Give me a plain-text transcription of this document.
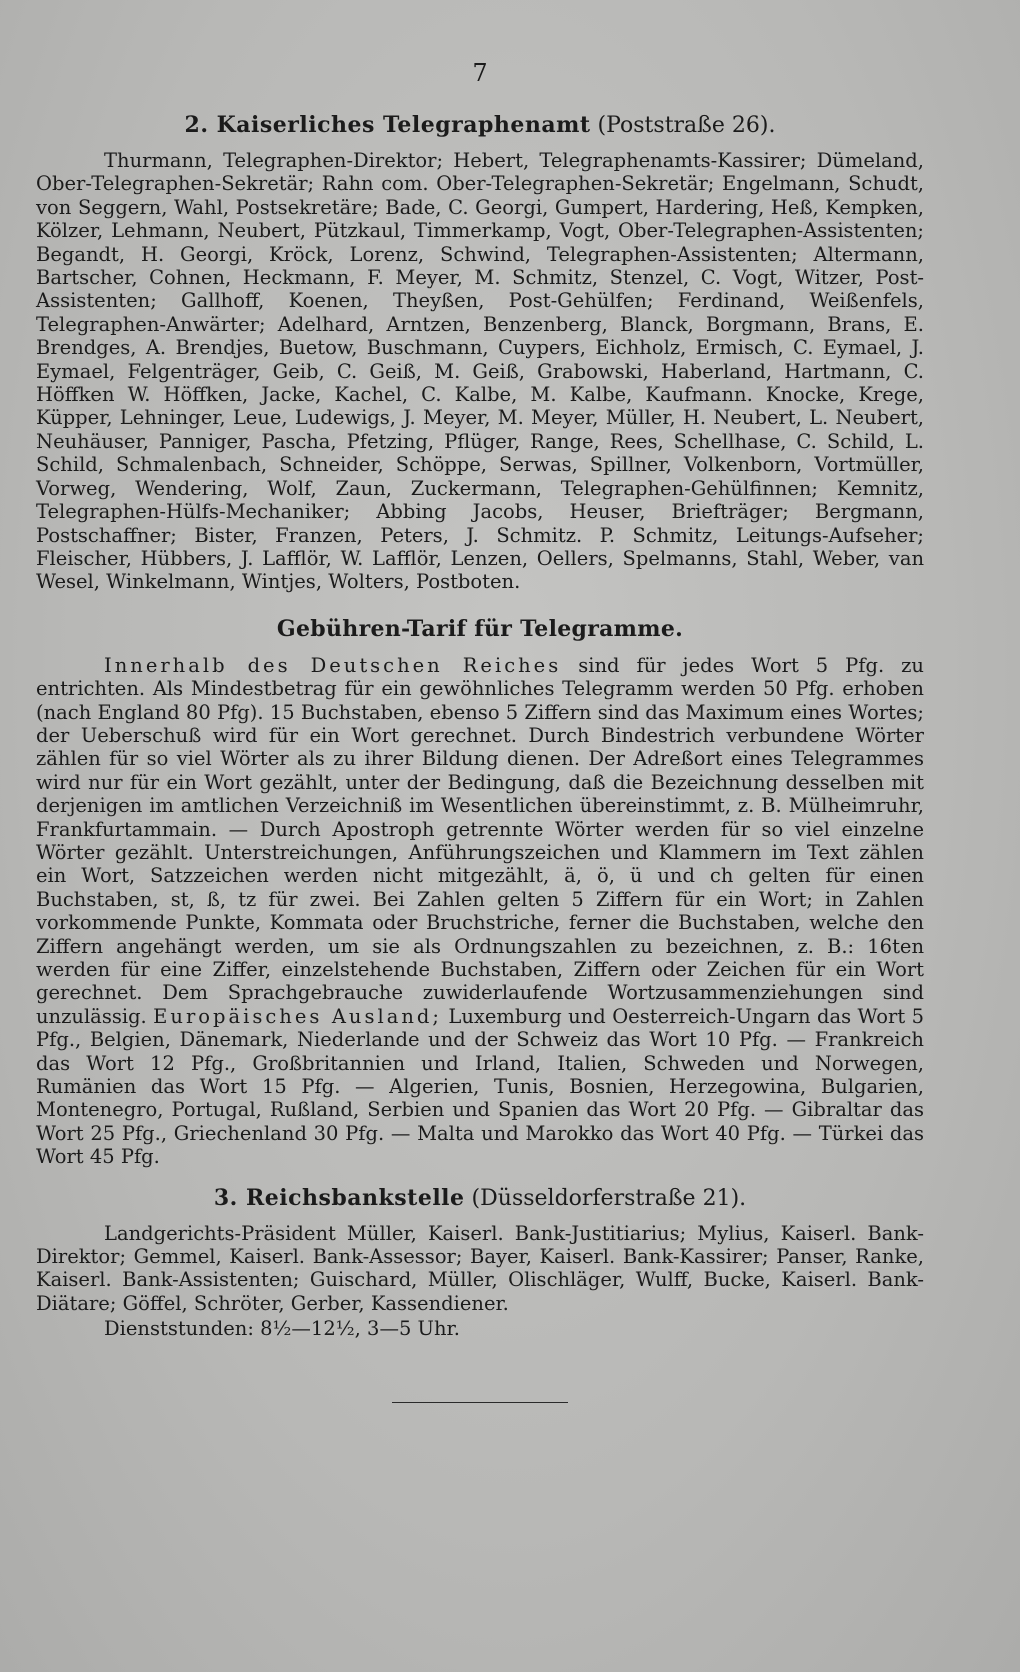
7
2. Kaiserliches Telegraphenamt (Poststraße 26).

Thurmann, Telegraphen-Direktor; Hebert, Telegraphenamts-Kassirer; Dümeland, Ober-Telegraphen-Sekretär; Rahn com. Ober-Telegraphen-Sekretär; Engelmann, Schudt, von Seggern, Wahl, Postsekretäre; Bade, C. Georgi, Gumpert, Hardering, Heß, Kempken, Kölzer, Lehmann, Neubert, Pützkaul, Timmerkamp, Vogt, Ober-Telegraphen-Assistenten; Begandt, H. Georgi, Kröck, Lorenz, Schwind, Telegraphen-Assistenten; Altermann, Bartscher, Cohnen, Heckmann, F. Meyer, M. Schmitz, Stenzel, C. Vogt, Witzer, Post-Assistenten; Gallhoff, Koenen, Theyßen, Post-Gehülfen; Ferdinand, Weißenfels, Telegraphen-Anwärter; Adelhard, Arntzen, Benzenberg, Blanck, Borgmann, Brans, E. Brendges, A. Brendjes, Buetow, Buschmann, Cuypers, Eichholz, Ermisch, C. Eymael, J. Eymael, Felgenträger, Geib, C. Geiß, M. Geiß, Grabowski, Haberland, Hartmann, C. Höffken W. Höffken, Jacke, Kachel, C. Kalbe, M. Kalbe, Kaufmann. Knocke, Krege, Küpper, Lehninger, Leue, Ludewigs, J. Meyer, M. Meyer, Müller, H. Neubert, L. Neubert, Neuhäuser, Panniger, Pascha, Pfetzing, Pflüger, Range, Rees, Schellhase, C. Schild, L. Schild, Schmalenbach, Schneider, Schöppe, Serwas, Spillner, Volkenborn, Vortmüller, Vorweg, Wendering, Wolf, Zaun, Zuckermann, Telegraphen-Gehülfinnen; Kemnitz, Telegraphen-Hülfs-Mechaniker; Abbing Jacobs, Heuser, Briefträger; Bergmann, Postschaffner; Bister, Franzen, Peters, J. Schmitz. P. Schmitz, Leitungs-Aufseher; Fleischer, Hübbers, J. Lafflör, W. Lafflör, Lenzen, Oellers, Spelmanns, Stahl, Weber, van Wesel, Winkelmann, Wintjes, Wolters, Postboten.

Gebühren-Tarif für Telegramme.

Innerhalb des Deutschen Reiches sind für jedes Wort 5 Pfg. zu entrichten. Als Mindestbetrag für ein gewöhnliches Telegramm werden 50 Pfg. erhoben (nach England 80 Pfg). 15 Buchstaben, ebenso 5 Ziffern sind das Maximum eines Wortes; der Ueberschuß wird für ein Wort gerechnet. Durch Bindestrich verbundene Wörter zählen für so viel Wörter als zu ihrer Bildung dienen. Der Adreßort eines Telegrammes wird nur für ein Wort gezählt, unter der Bedingung, daß die Bezeichnung desselben mit derjenigen im amtlichen Verzeichniß im Wesentlichen übereinstimmt, z. B. Mülheimruhr, Frankfurtammain. — Durch Apostroph getrennte Wörter werden für so viel einzelne Wörter gezählt. Unterstreichungen, Anführungszeichen und Klammern im Text zählen ein Wort, Satzzeichen werden nicht mitgezählt, ä, ö, ü und ch gelten für einen Buchstaben, st, ß, tz für zwei. Bei Zahlen gelten 5 Ziffern für ein Wort; in Zahlen vorkommende Punkte, Kommata oder Bruchstriche, ferner die Buchstaben, welche den Ziffern angehängt werden, um sie als Ordnungszahlen zu bezeichnen, z. B.: 16ten werden für eine Ziffer, einzelstehende Buchstaben, Ziffern oder Zeichen für ein Wort gerechnet. Dem Sprachgebrauche zuwiderlaufende Wortzusammenziehungen sind unzulässig. Europäisches Ausland; Luxemburg und Oesterreich-Ungarn das Wort 5 Pfg., Belgien, Dänemark, Niederlande und der Schweiz das Wort 10 Pfg. — Frankreich das Wort 12 Pfg., Großbritannien und Irland, Italien, Schweden und Norwegen, Rumänien das Wort 15 Pfg. — Algerien, Tunis, Bosnien, Herzegowina, Bulgarien, Montenegro, Portugal, Rußland, Serbien und Spanien das Wort 20 Pfg. — Gibraltar das Wort 25 Pfg., Griechenland 30 Pfg. — Malta und Marokko das Wort 40 Pfg. — Türkei das Wort 45 Pfg.

3. Reichsbankstelle (Düsseldorferstraße 21).

Landgerichts-Präsident Müller, Kaiserl. Bank-Justitiarius; Mylius, Kaiserl. Bank-Direktor; Gemmel, Kaiserl. Bank-Assessor; Bayer, Kaiserl. Bank-Kassirer; Panser, Ranke, Kaiserl. Bank-Assistenten; Guischard, Müller, Olischläger, Wulff, Bucke, Kaiserl. Bank-Diätare; Göffel, Schröter, Gerber, Kassendiener.

Dienststunden: 8½—12½, 3—5 Uhr.
